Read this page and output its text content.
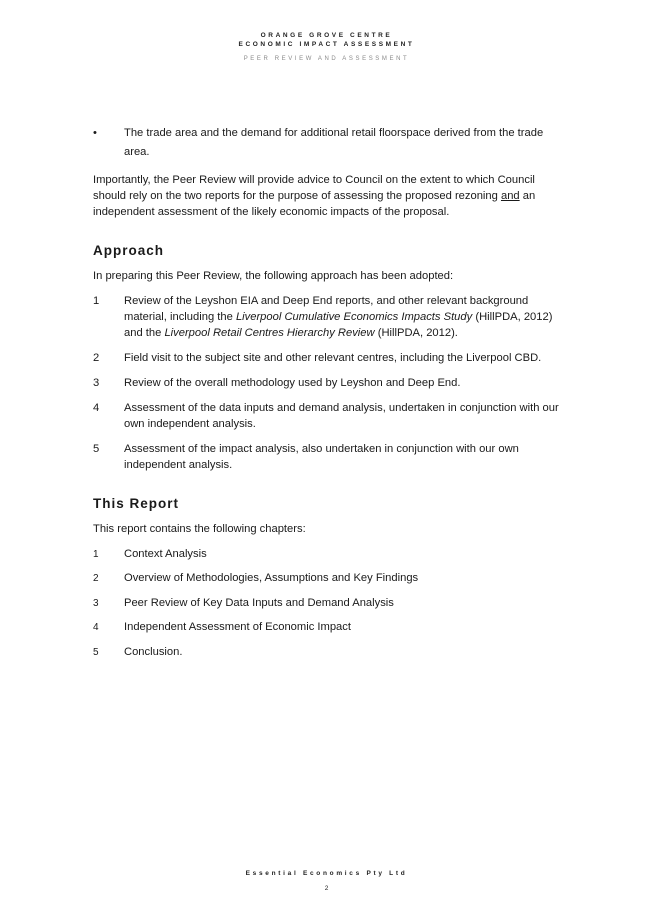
ORANGE GROVE CENTRE
ECONOMIC IMPACT ASSESSMENT
PEER REVIEW AND ASSESSMENT
• The trade area and the demand for additional retail floorspace derived from the trade area.

Importantly, the Peer Review will provide advice to Council on the extent to which Council should rely on the two reports for the purpose of assessing the proposed rezoning and an independent assessment of the likely economic impacts of the proposal.

Approach

In preparing this Peer Review, the following approach has been adopted:

1 Review of the Leyshon EIA and Deep End reports, and other relevant background material, including the Liverpool Cumulative Economics Impacts Study (HillPDA, 2012) and the Liverpool Retail Centres Hierarchy Review (HillPDA, 2012).
2 Field visit to the subject site and other relevant centres, including the Liverpool CBD.
3 Review of the overall methodology used by Leyshon and Deep End.
4 Assessment of the data inputs and demand analysis, undertaken in conjunction with our own independent analysis.
5 Assessment of the impact analysis, also undertaken in conjunction with our own independent analysis.
This Report

This report contains the following chapters:

1 Context Analysis
2 Overview of Methodologies, Assumptions and Key Findings
3 Peer Review of Key Data Inputs and Demand Analysis
4 Independent Assessment of Economic Impact
5 Conclusion.
Essential Economics Pty Ltd
2
